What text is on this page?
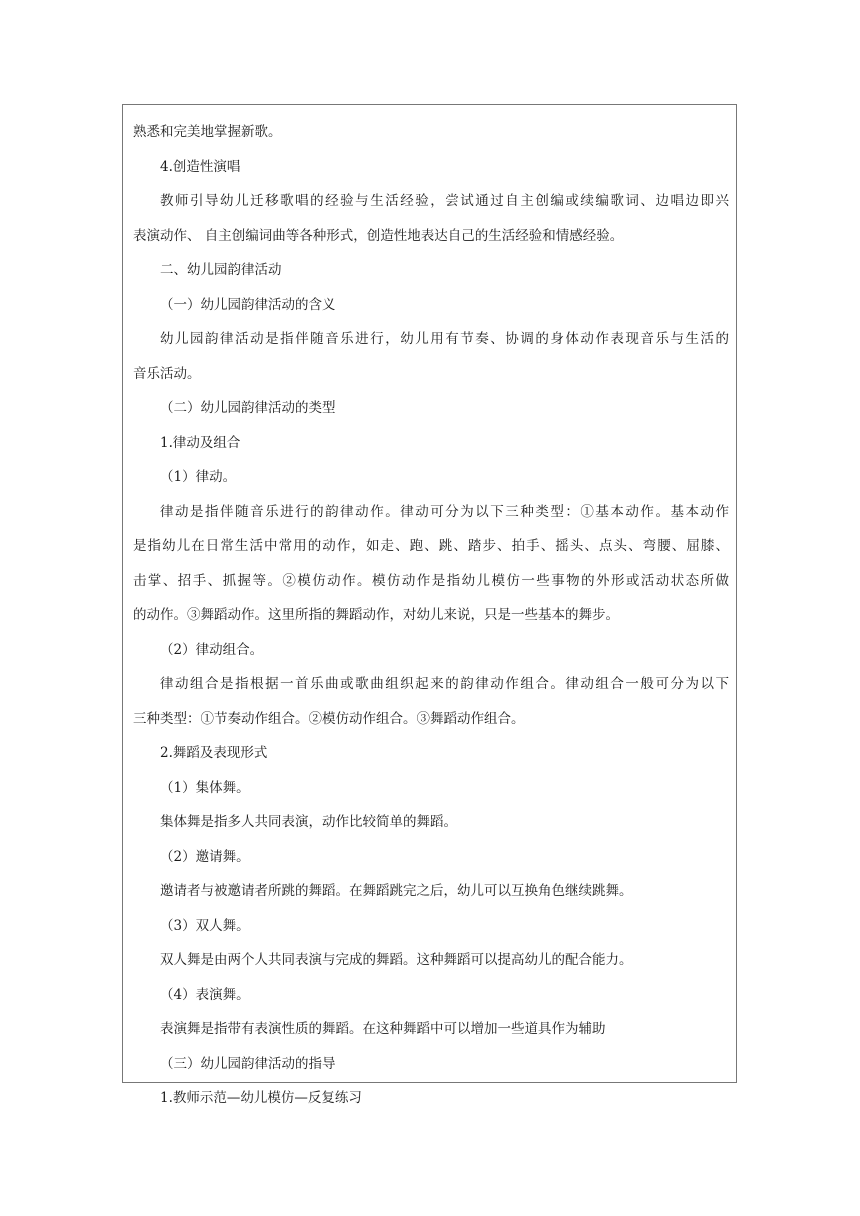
熟悉和完美地掌握新歌。
4.创造性演唱
教师引导幼儿迁移歌唱的经验与生活经验，尝试通过自主创编或续编歌词、边唱边即兴
表演动作、 自主创编词曲等各种形式，创造性地表达自己的生活经验和情感经验。
二、幼儿园韵律活动
（一）幼儿园韵律活动的含义
幼儿园韵律活动是指伴随音乐进行，幼儿用有节奏、协调的身体动作表现音乐与生活的
音乐活动。
（二）幼儿园韵律活动的类型
1.律动及组合
（1）律动。
律动是指伴随音乐进行的韵律动作。律动可分为以下三种类型：①基本动作。基本动作
是指幼儿在日常生活中常用的动作，如走、跑、跳、踏步、拍手、摇头、点头、弯腰、屈膝、
击掌、招手、抓握等。②模仿动作。模仿动作是指幼儿模仿一些事物的外形或活动状态所做
的动作。③舞蹈动作。这里所指的舞蹈动作，对幼儿来说，只是一些基本的舞步。
（2）律动组合。
律动组合是指根据一首乐曲或歌曲组织起来的韵律动作组合。律动组合一般可分为以下
三种类型：①节奏动作组合。②模仿动作组合。③舞蹈动作组合。
2.舞蹈及表现形式
（1）集体舞。
集体舞是指多人共同表演，动作比较简单的舞蹈。
（2）邀请舞。
邀请者与被邀请者所跳的舞蹈。在舞蹈跳完之后，幼儿可以互换角色继续跳舞。
（3）双人舞。
双人舞是由两个人共同表演与完成的舞蹈。这种舞蹈可以提高幼儿的配合能力。
（4）表演舞。
表演舞是指带有表演性质的舞蹈。在这种舞蹈中可以增加一些道具作为辅助
（三）幼儿园韵律活动的指导
1.教师示范—幼儿模仿—反复练习
